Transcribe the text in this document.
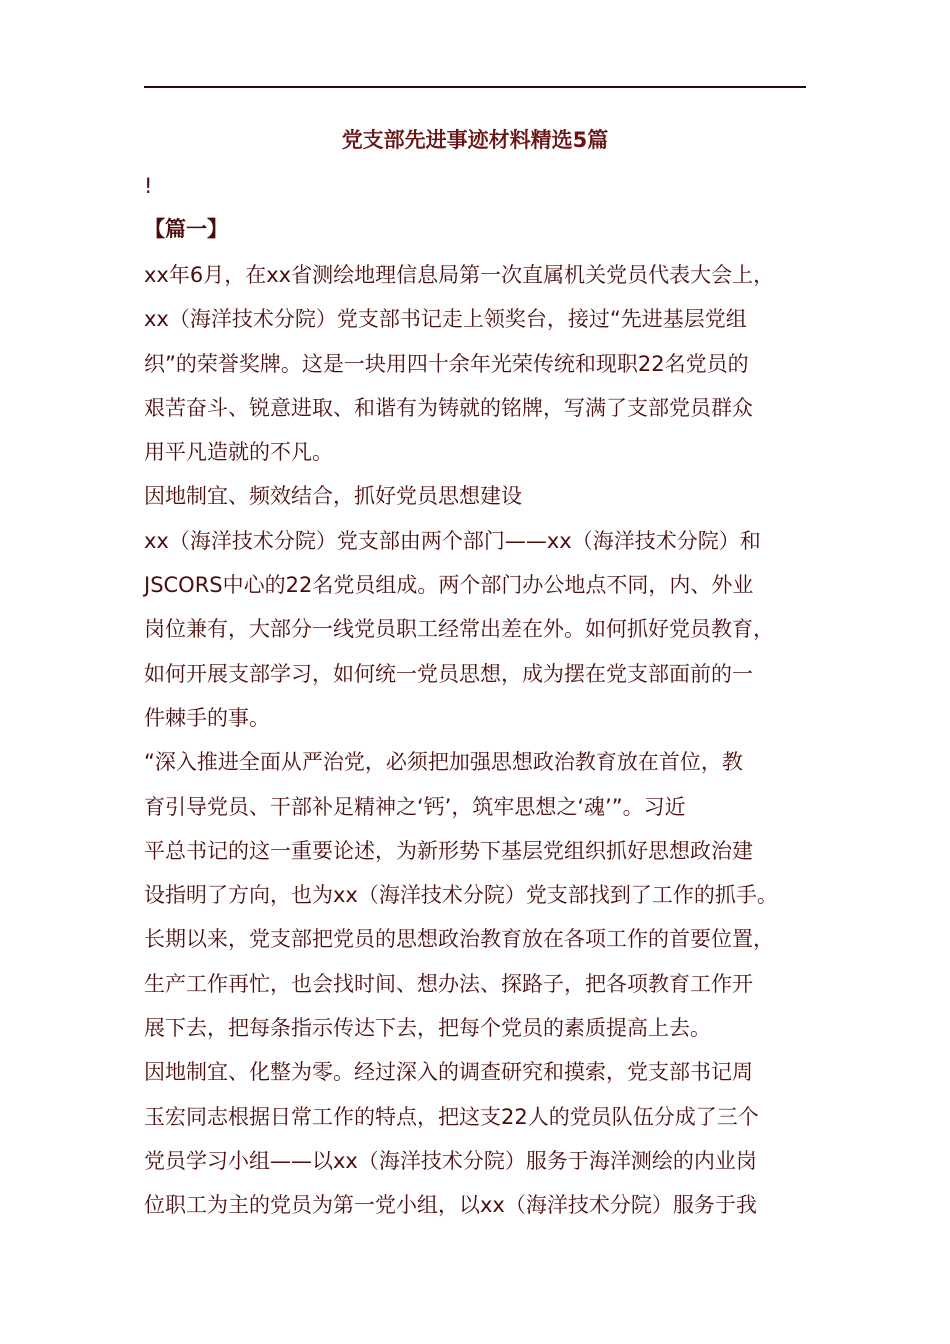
党支部先进事迹材料精选5篇
!
【篇一】
xx年6月，在xx省测绘地理信息局第一次直属机关党员代表大会上，
xx（海洋技术分院）党支部书记走上领奖台，接过“先进基层党组
织”的荣誉奖牌。这是一块用四十余年光荣传统和现职22名党员的
艰苦奋斗、锐意进取、和谐有为铸就的铭牌，写满了支部党员群众
用平凡造就的不凡。
因地制宜、频效结合，抓好党员思想建设
xx（海洋技术分院）党支部由两个部门——xx（海洋技术分院）和
JSCORS中心的22名党员组成。两个部门办公地点不同，内、外业
岗位兼有，大部分一线党员职工经常出差在外。如何抓好党员教育，
如何开展支部学习，如何统一党员思想，成为摆在党支部面前的一
件棘手的事。
“深入推进全面从严治党，必须把加强思想政治教育放在首位，教
育引导党员、干部补足精神之‘钙’，筑牢思想之‘魂’”。习近
平总书记的这一重要论述，为新形势下基层党组织抓好思想政治建
设指明了方向，也为xx（海洋技术分院）党支部找到了工作的抓手。
长期以来，党支部把党员的思想政治教育放在各项工作的首要位置，
生产工作再忙，也会找时间、想办法、探路子，把各项教育工作开
展下去，把每条指示传达下去，把每个党员的素质提高上去。
因地制宜、化整为零。经过深入的调查研究和摸索，党支部书记周
玉宏同志根据日常工作的特点，把这支22人的党员队伍分成了三个
党员学习小组——以xx（海洋技术分院）服务于海洋测绘的内业岗
位职工为主的党员为第一党小组，以xx（海洋技术分院）服务于我
